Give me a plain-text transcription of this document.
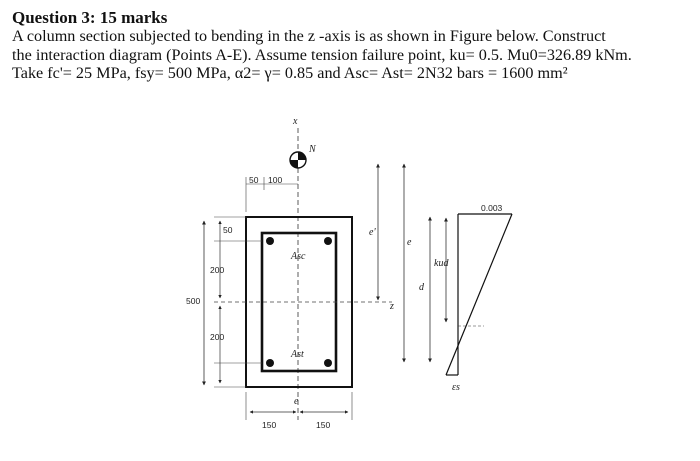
Question 3: 15 marks

A column section subjected to bending in the z -axis is as shown in Figure below. Construct

the interaction diagram (Points A-E). Assume tension failure point, ku= 0.5. Mu0=326.89 kNm.

Take fc'= 25 MPa, fsy= 500 MPa, α2= γ= 0.85 and Asc= Ast= 2N32 bars = 1600 mm²

x
N
50 100
Asc
Ast
z
500
50
200
200
150	150
e
e'
e
d
0.003
kud
εs
